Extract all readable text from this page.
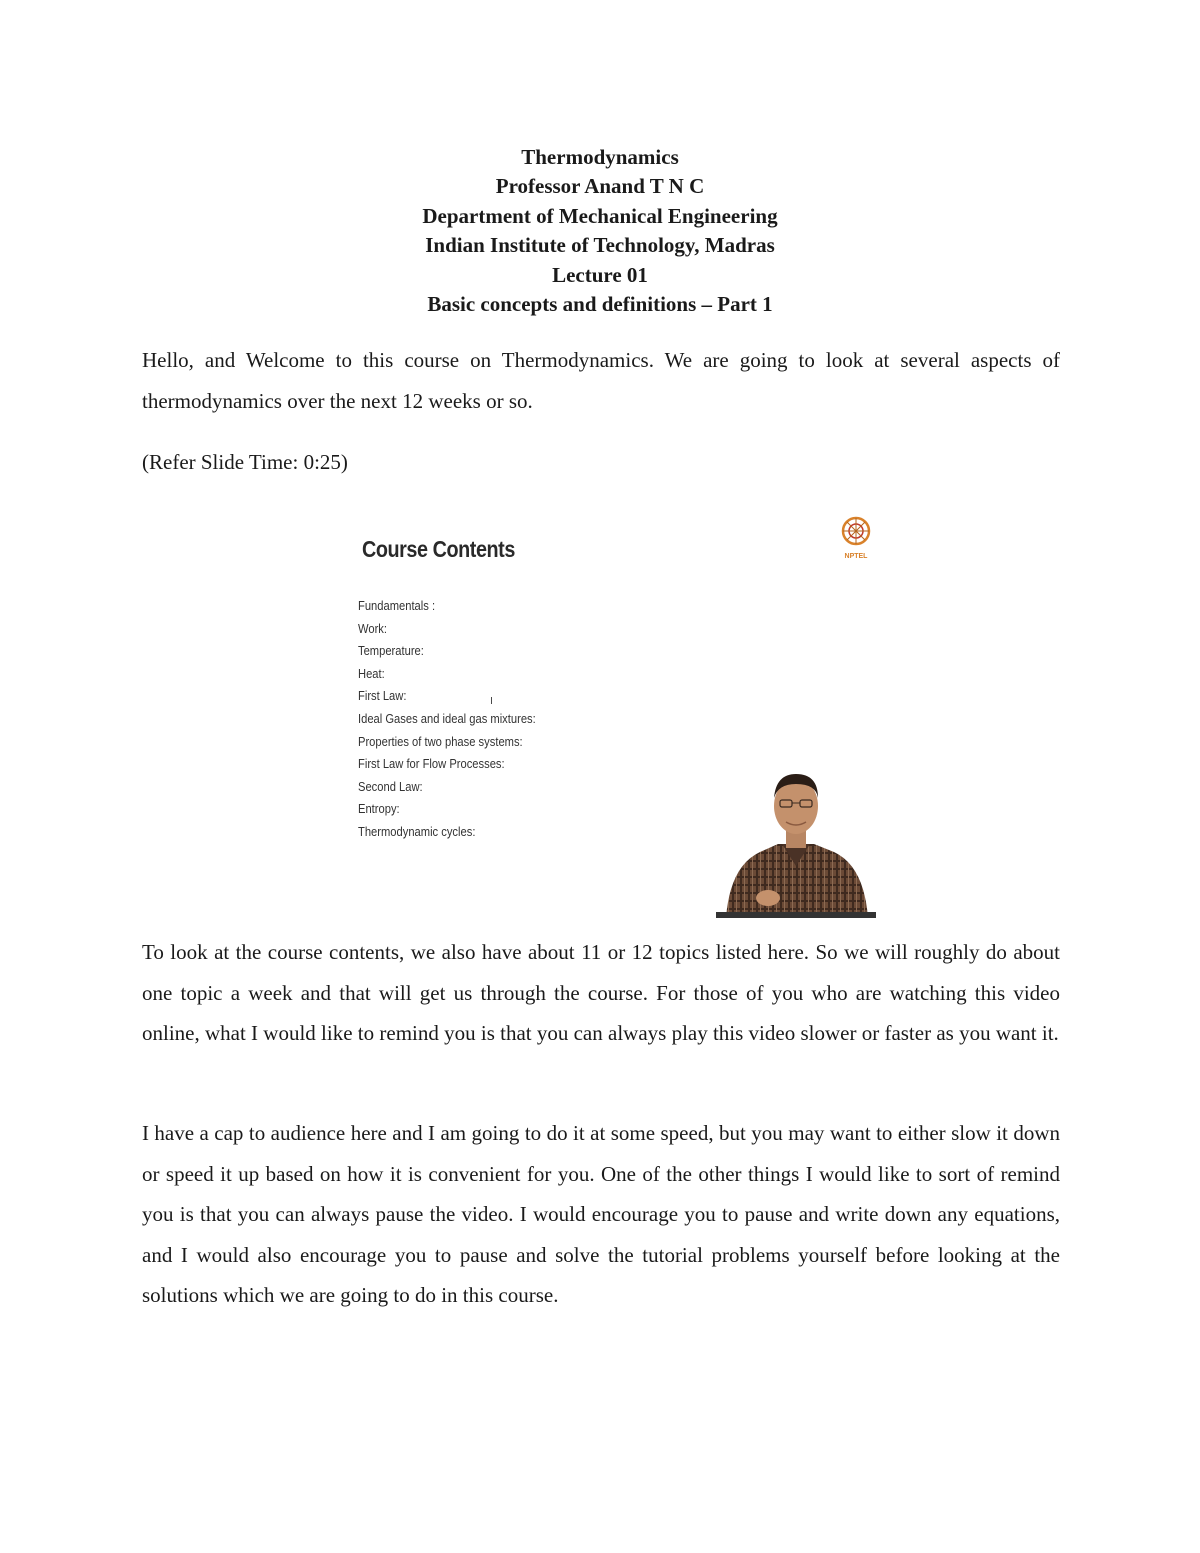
Thermodynamics
Professor Anand T N C
Department of Mechanical Engineering
Indian Institute of Technology, Madras
Lecture 01
Basic concepts and definitions – Part 1

Hello, and Welcome to this course on Thermodynamics. We are going to look at several aspects of thermodynamics over the next 12 weeks or so.

(Refer Slide Time: 0:25)

Course Contents	NPTEL
Fundamentals :
Work:
Temperature:
Heat:
First Law:
Ideal Gases and ideal gas mixtures:
Properties of two phase systems:
First Law for Flow Processes:
Second Law:
Entropy:
Thermodynamic cycles:
I

To look at the course contents, we also have about 11 or 12 topics listed here. So we will roughly do about one topic a week and that will get us through the course. For those of you who are watching this video online, what I would like to remind you is that you can always play this video slower or faster as you want it.

I have a cap to audience here and I am going to do it at some speed, but you may want to either slow it down or speed it up based on how it is convenient for you. One of the other things I would like to sort of remind you is that you can always pause the video. I would encourage you to pause and write down any equations, and I would also encourage you to pause and solve the tutorial problems yourself before looking at the solutions which we are going to do in this course.
